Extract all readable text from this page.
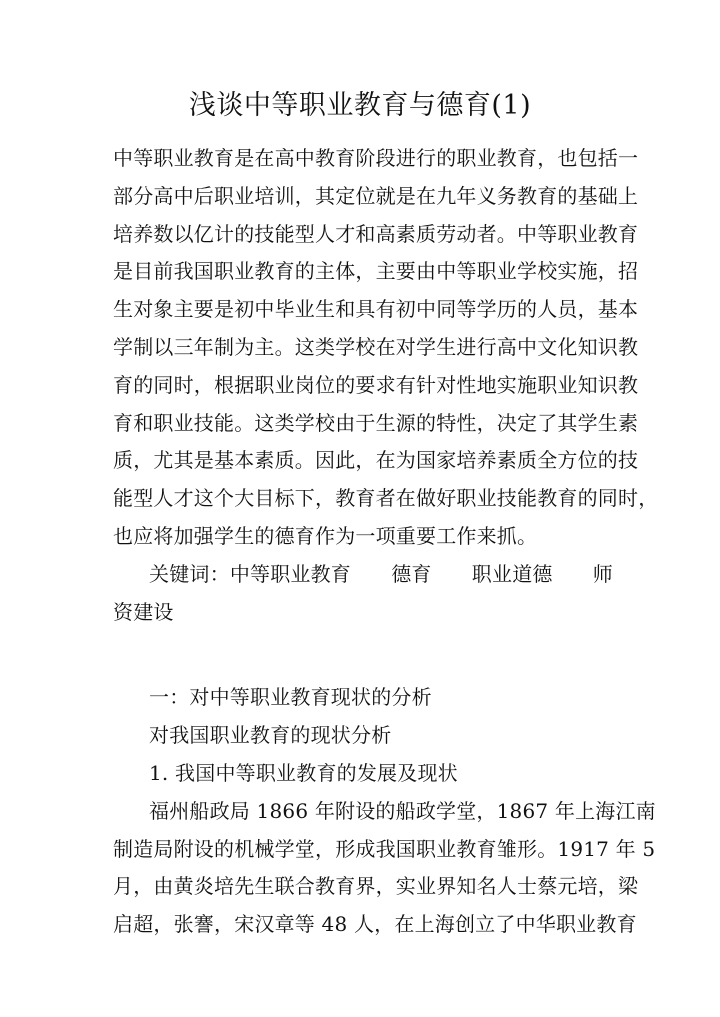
浅谈中等职业教育与德育(1)
中等职业教育是在高中教育阶段进行的职业教育，也包括一
部分高中后职业培训，其定位就是在九年义务教育的基础上
培养数以亿计的技能型人才和高素质劳动者。中等职业教育
是目前我国职业教育的主体，主要由中等职业学校实施，招
生对象主要是初中毕业生和具有初中同等学历的人员，基本
学制以三年制为主。这类学校在对学生进行高中文化知识教
育的同时，根据职业岗位的要求有针对性地实施职业知识教
育和职业技能。这类学校由于生源的特性，决定了其学生素
质，尤其是基本素质。因此，在为国家培养素质全方位的技
能型人才这个大目标下，教育者在做好职业技能教育的同时，
也应将加强学生的德育作为一项重要工作来抓。
关键词：中等职业教育 德育 职业道德 师
资建设
一：对中等职业教育现状的分析
对我国职业教育的现状分析
1. 我国中等职业教育的发展及现状
福州船政局 1866 年附设的船政学堂，1867 年上海江南
制造局附设的机械学堂，形成我国职业教育雏形。1917 年 5
月，由黄炎培先生联合教育界，实业界知名人士蔡元培，梁
启超，张謇，宋汉章等 48 人，在上海创立了中华职业教育
